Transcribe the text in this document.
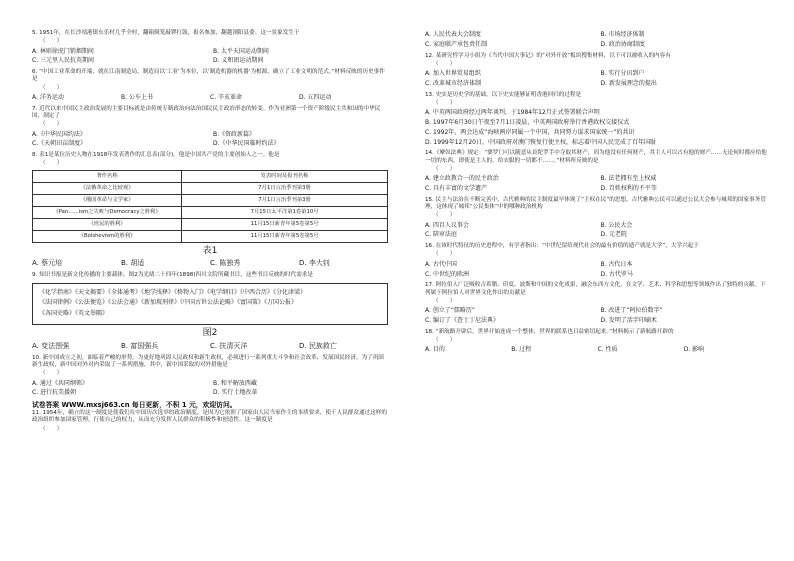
5. 1951年，在长沙靖港镇东乐村几乎全村，翻箱倒笼敲锣打鼓，报名参加，翻越浏阳县委。这一景象发生于
（　　）
A. 林则徐虎门销烟期间	B. 太平天国运动期间
C. 三元里人民抗英期间	D. 义和团运动期间
6. “中国工业革命的开端，就在江南制造局，制造局以‘工业’为本位，以‘制造机器的机器’为根源，确立了工业文明的范式。”材料反映的历史事件是
（　　）
A. 洋务运动	B. 公车上书	C. 辛亥革命	D. 五四运动
7. 近代以来中国民主政治发展的主要目标就是由传统专制政治向法治国民民主政治形态的转变。作为亚洲第一个资产阶级民主共和国的中华民国，制定了
（　　）
A.《中华民国约法》	B.《资政新篇》
C.《天朝田亩制度》	D.《中华民国临时约法》
8. 表1是某位历史人物在1918年发表著作的汇总表(部分)。他是中国共产党的主要创始人之一。他是
（　　）
著作名称	发表时间及报刊名称
《法俄革命之比较观》	7月1日言治季刊第3册
《俄国革命与文学家》	7月1日言治季刊第3册
《Pan……ism之失败与Democracy之胜利》	7月15日太平洋第1卷第10号
《庶民的胜利》	11月15日新青年第5卷第5号
《Bolshevism的胜利》	11月15日新青年第5卷第5号
表1
A. 蔡元培	B. 胡适	C. 陈独秀	D. 李大钊
9. 知识书报是新文化传播的主要载体，图2为光绪二十四年(1898)四川文院所藏书目，这些书目反映的时代需求是
《化学指南》《天文揭要》《全体通考》《地学浅释》《格物入门》《电学纲目》《中西合历》《分化津梁》
《法国律例》《公法便览》《公法会通》《新加坡刑律》《中国古世公法论略》《富国策》《万国公报》
《各国史略》《英文举隅》
图2
A. 变法图强	B. 富国强兵	C. 扶清灭洋	D. 民族救亡
10. 新中国成立之初，面临着严峻的形势，为更好地巩固人民政权和新生政权，必须进行一系列重大斗争和社会改革，发展国民经济。为了巩固新生政权，新中国对外对内采取了一系列措施，其中，新中国采取的对外措施是
（　　）
A. 通过《共同纲领》	B. 和平解放西藏
C. 进行抗美援朝	D. 实行土地改革
试卷答案 WWW.mxsj663.cn 每日更新，不积 1 元，欢迎访问。
11. 1954年，确立的这一制度是使我们在中国历次选举的政治制度，是因为它依照了国家由人民当家作主的本质要求，使千人民群众通过这样的政治组织参加国家管理，行使自己的权力，从而充分发挥人民群众的积极性和创造性。这一制度是
（　　）
A. 人民代表大会制度	B. 市场经济体制
C. 家庭联产承包责任制	D. 政治协商制度
12. 某研究性学习小组为《当代中国大事记》的“对外开放”板块搜集材料，以下可以被收入的内容有
（　　）
A. 加入世界贸易组织	B. 实行分田到户
C. 改革城市经济体制	D. 新发展理念的提出
13. 史实是历史学的基础。以下史实能够证明香港回归的过程是
（　　）
A. 中英两国政府经过两年谈判，于1984年12月正式签署联合声明
B. 1997年6月30日午夜至7月1日凌晨，中英两国政府举行香港政权交接仪式
C. 1992年，两会达成“海峡两岸同属一个中国，共同努力谋求国家统一”的共识
D. 1999年12月20日，中国政府对澳门恢复行使主权，标志着中国人民完成了百年国耻
14.《摩奴法典》规定：“婆罗门可以随意从首陀罗手中夺取其财产，因为他没有任何财产，其主人可以占有他的财产……无论何时都应给他一切的东西，即使是主人的，给衣服的一切都不……。”材料所反映的是
（　　）
A. 建立政教合一的民主政治	B. 法老拥有至上权威
C. 具有丰富的文学遗产	D. 百姓权利的不平等
15. 民主与法治在不断完善中，古代雅典的民主制度最早体现了“主权在民”的思想，古代雅典公民可以通过公民大会参与城邦的国家事务管理，这体现了城邦“公民集体”中的哪种政治机构
（　　）
A. 四百人议事会	B. 公民大会
C. 陪审法庭	D. 元老院
16. 在该时代特征的历史进程中，有学者指出：“中世纪留给现代社会的最有价值的遗产就是大学”，大学兴起于
（　　）
A. 古代中国	B. 古代日本
C. 中世纪的欧洲	D. 古代罗马
17. 阿拉伯人广泛吸收古希腊、印度、波斯和中国的文化成果，融会东西方文化，在文学、艺术、科学和思想等领域作出了独特的贡献。下列属于阿拉伯人对世界文化作出的贡献是
（　　）
A. 创立了“儒略历”	B. 改进了“阿拉伯数字”
C. 编订了《查士丁尼法典》	D. 发明了活字印刷术
18. “新航路开辟后，世界开始连成一个整体，世界的联系也日益密切起来。”材料揭示了新航路开辟的
（　　）
A. 目的	B. 过程	C. 性质	D. 影响
